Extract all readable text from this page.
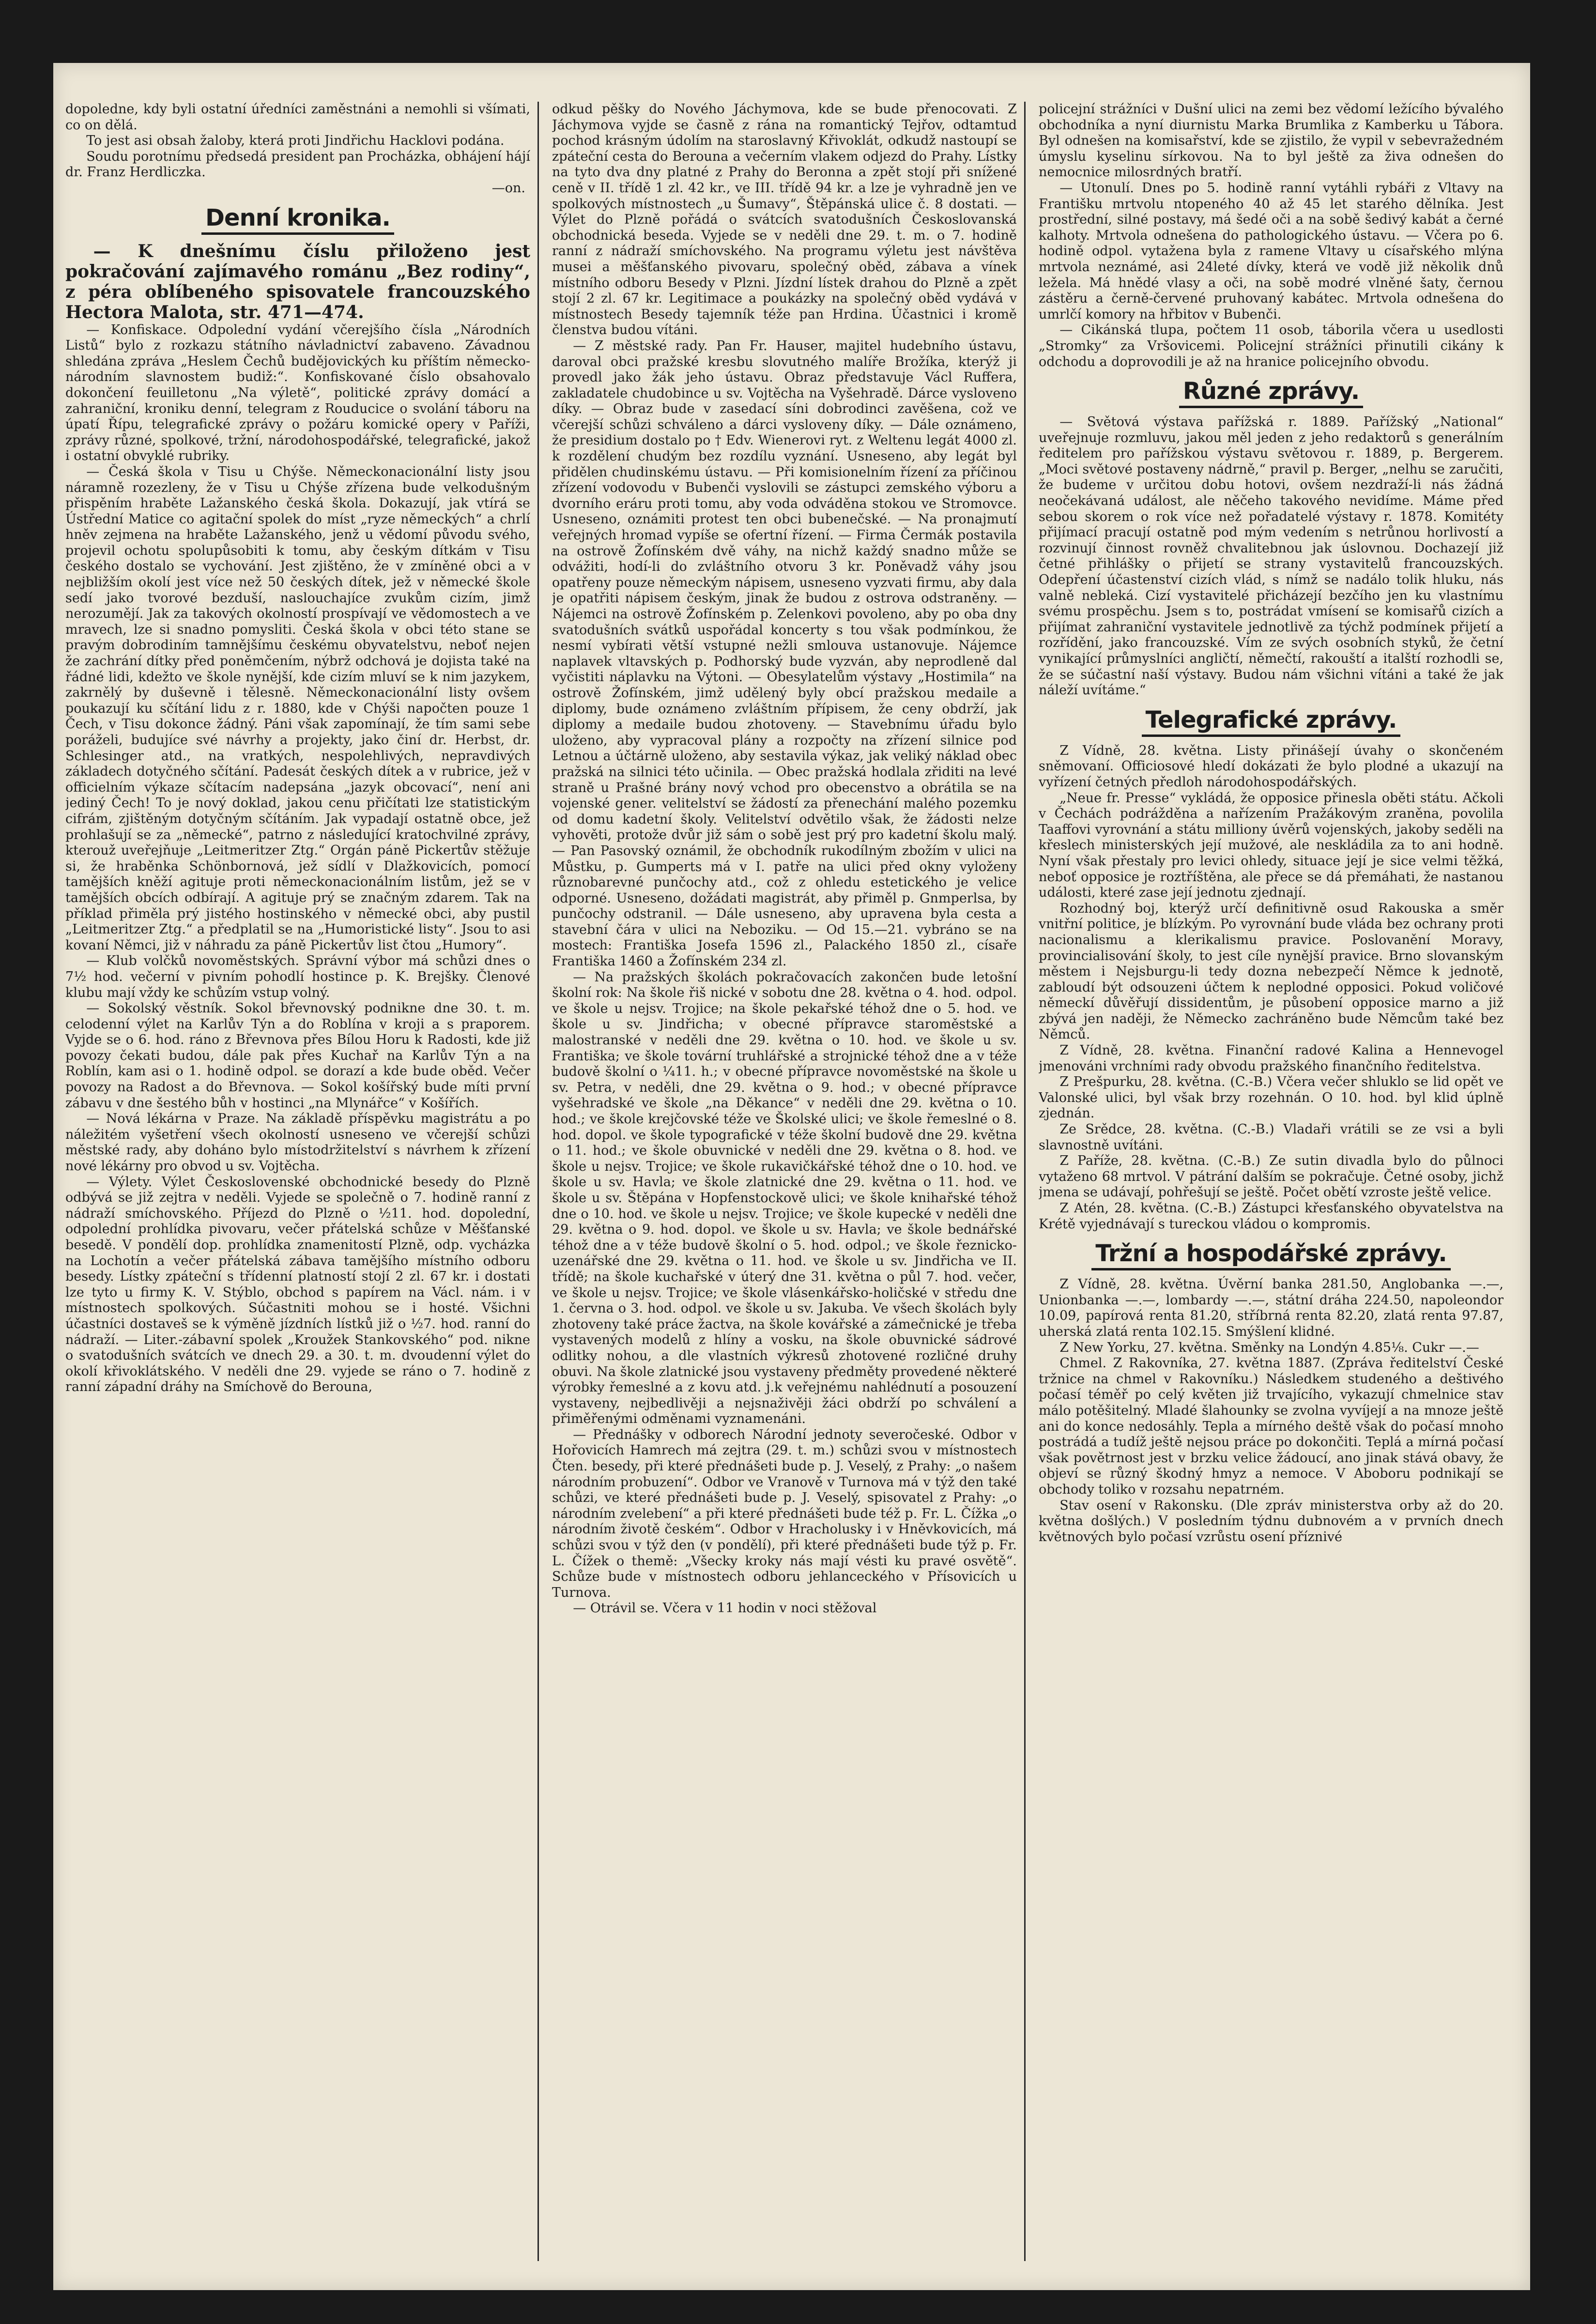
dopoledne, kdy byli ostatní úředníci zaměstnáni a nemohli si všímati, co on dělá.

To jest asi obsah žaloby, která proti Jindřichu Hacklovi podána.

Soudu porotnímu předsedá president pan Procházka, obhájení hájí dr. Franz Herdliczka.

—on.
Denní kronika.

— K dnešnímu číslu přiloženo jest pokračování zajímavého románu „Bez rodiny“, z péra oblíbeného spisovatele francouzského Hectora Malota, str. 471—474.

— Konfiskace. Odpolední vydání včerejšího čísla „Národních Listů“ bylo z rozkazu státního návladnictví zabaveno. Závadnou shledána zpráva „Heslem Čechů budějovických ku příštím německo-národním slavnostem budiž:“. Konfiskované číslo obsahovalo dokončení feuilletonu „Na výletě“, politické zprávy domácí a zahraniční, kroniku denní, telegram z Rouducice o svolání táboru na úpatí Řípu, telegrafické zprávy o požáru komické opery v Paříži, zprávy různé, spolkové, tržní, národohospodářské, telegrafické, jakož i ostatní obvyklé rubriky.

— Česká škola v Tisu u Chýše. Německonacionální listy jsou náramně rozezleny, že v Tisu u Chýše zřízena bude velkodušným přispěním hraběte Lažanského česká škola. Dokazují, jak vtírá se Ústřední Matice co agitační spolek do míst „ryze německých“ a chrlí hněv zejmena na hraběte Lažanského, jenž u vědomí původu svého, projevil ochotu spolupůsobiti k tomu, aby českým dítkám v Tisu českého dostalo se vychování. Jest zjištěno, že v zmíněné obci a v nejbližším okolí jest více než 50 českých dítek, jež v německé škole sedí jako tvorové bezduší, naslouchajíce zvukům cizím, jimž nerozumějí. Jak za takových okolností prospívají ve vědomostech a ve mravech, lze si snadno pomysliti. Česká škola v obci této stane se pravým dobrodiním tamnějšímu českému obyvatelstvu, neboť nejen že zachrání dítky před poněmčením, nýbrž odchová je dojista také na řádné lidi, kdežto ve škole nynější, kde cizím mluví se k nim jazykem, zakrnělý by duševně i tělesně. Německonacionální listy ovšem poukazují ku sčítání lidu z r. 1880, kde v Chýši napočten pouze 1 Čech, v Tisu dokonce žádný. Páni však zapomínají, že tím sami sebe poráželi, budujíce své návrhy a projekty, jako činí dr. Herbst, dr. Schlesinger atd., na vratkých, nespolehlivých, nepravdivých základech dotyčného sčítání. Padesát českých dítek a v rubrice, jež v officielním výkaze sčítacím nadepsána „jazyk obcovací“, není ani jediný Čech! To je nový doklad, jakou cenu přičítati lze statistickým cifrám, zjištěným dotyčným sčítáním. Jak vypadají ostatně obce, jež prohlašují se za „německé“, patrno z následující kratochvilné zprávy, kterouž uveřejňuje „Leitmeritzer Ztg.“ Orgán páně Pickertův stěžuje si, že hraběnka Schönbornová, jež sídlí v Dlažkovicích, pomocí tamějších kněží agituje proti německonacionálním listům, jež se v tamějších obcích odbírají. A agituje prý se značným zdarem. Tak na příklad přiměla prý jistého hostinského v německé obci, aby pustil „Leitmeritzer Ztg.“ a předplatil se na „Humoristické listy“. Jsou to asi kovaní Němci, již v náhradu za páně Pickertův list čtou „Humory“.

— Klub volčků novoměstských. Správní výbor má schůzi dnes o 7½ hod. večerní v pivním pohodlí hostince p. K. Brejšky. Členové klubu mají vždy ke schůzím vstup volný.

— Sokolský věstník. Sokol břevnovský podnikne dne 30. t. m. celodenní výlet na Karlův Týn a do Roblína v kroji a s praporem. Vyjde se o 6. hod. ráno z Břevnova přes Bílou Horu k Radosti, kde již povozy čekati budou, dále pak přes Kuchař na Karlův Týn a na Roblín, kam asi o 1. hodině odpol. se dorazí a kde bude oběd. Večer povozy na Radost a do Břevnova. — Sokol košířský bude míti první zábavu v dne šestého bůh v hostinci „na Mlynářce“ v Košířích.

— Nová lékárna v Praze. Na základě příspěvku magistrátu a po náležitém vyšetření všech okolností usneseno ve včerejší schůzi městské rady, aby doháno bylo místodržitelství s návrhem k zřízení nové lékárny pro obvod u sv. Vojtěcha.

— Výlety. Výlet Československé obchodnické besedy do Plzně odbývá se již zejtra v neděli. Vyjede se společně o 7. hodině ranní z nádraží smíchovského. Příjezd do Plzně o ½11. hod. dopolední, odpolední prohlídka pivovaru, večer přátelská schůze v Měšťanské besedě. V pondělí dop. prohlídka znamenitostí Plzně, odp. vycházka na Lochotín a večer přátelská zábava tamějšího místního odboru besedy. Lístky zpáteční s třídenní platností stojí 2 zl. 67 kr. i dostati lze tyto u firmy K. V. Stýblo, obchod s papírem na Václ. nám. i v místnostech spolkových. Súčastniti mohou se i hosté. Všichni účastníci dostaveš se k výměně jízdních lístků již o ½7. hod. ranní do nádraží. — Liter.-zábavní spolek „Kroužek Stankovského“ pod. nikne o svatodušních svátcích ve dnech 29. a 30. t. m. dvoudenní výlet do okolí křivoklátského. V neděli dne 29. vyjede se ráno o 7. hodině z ranní západní dráhy na Smíchově do Berouna,

odkud pěšky do Nového Jáchymova, kde se bude přenocovati. Z Jáchymova vyjde se časně z rána na romantický Tejřov, odtamtud pochod krásným údolím na staroslavný Křivoklát, odkudž nastoupí se zpáteční cesta do Berouna a večerním vlakem odjezd do Prahy. Lístky na tyto dva dny platné z Prahy do Beronna a zpět stojí při snížené ceně v II. třídě 1 zl. 42 kr., ve III. třídě 94 kr. a lze je vyhradně jen ve spolkových místnostech „u Šumavy“, Štěpánská ulice č. 8 dostati. — Výlet do Plzně pořádá o svátcích svatodušních Českoslovanská obchodnická beseda. Vyjede se v neděli dne 29. t. m. o 7. hodině ranní z nádraží smíchovského. Na programu výletu jest návštěva musei a měšťanského pivovaru, společný oběd, zábava a vínek místního odboru Besedy v Plzni. Jízdní lístek drahou do Plzně a zpět stojí 2 zl. 67 kr. Legitimace a poukázky na společný oběd vydává v místnostech Besedy tajemník téže pan Hrdina. Účastnici i kromě členstva budou vítáni.

— Z městské rady. Pan Fr. Hauser, majitel hudebního ústavu, daroval obci pražské kresbu slovutného malíře Brožíka, kterýž ji provedl jako žák jeho ústavu. Obraz představuje Václ Ruffera, zakladatele chudobince u sv. Vojtěcha na Vyšehradě. Dárce vysloveno díky. — Obraz bude v zasedací síni dobrodinci zavěšena, což ve včerejší schůzi schváleno a dárci vysloveny díky. — Dále oznámeno, že presidium dostalo po † Edv. Wienerovi ryt. z Weltenu legát 4000 zl. k rozdělení chudým bez rozdílu vyznání. Usneseno, aby legát byl přidělen chudinskému ústavu. — Při komisionelním řízení za příčinou zřízení vodovodu v Bubenči vyslovili se zástupci zemského výboru a dvorního eráru proti tomu, aby voda odváděna stokou ve Stromovce. Usneseno, oznámiti protest ten obci bubenečské. — Na pronajmutí veřejných hromad vypíše se ofertní řízení. — Firma Čermák postavila na ostrově Žofínském dvě váhy, na nichž každý snadno může se odvážiti, hodí-li do zvláštního otvoru 3 kr. Poněvadž váhy jsou opatřeny pouze německým nápisem, usneseno vyzvati firmu, aby dala je opatřiti nápisem českým, jinak že budou z ostrova odstraněny. — Nájemci na ostrově Žofínském p. Zelenkovi povoleno, aby po oba dny svatodušních svátků uspořádal koncerty s tou však podmínkou, že nesmí vybírati větší vstupné nežli smlouva ustanovuje. Nájemce naplavek vltavských p. Podhorský bude vyzván, aby neprodleně dal vyčistiti náplavku na Výtoni. — Obesylatelům výstavy „Hostimila“ na ostrově Žofínském, jimž udělený byly obcí pražskou medaile a diplomy, bude oznámeno zvláštním přípisem, že ceny obdrží, jak diplomy a medaile budou zhotoveny. — Stavebnímu úřadu bylo uloženo, aby vypracoval plány a rozpočty na zřízení silnice pod Letnou a účtárně uloženo, aby sestavila výkaz, jak veliký náklad obec pražská na silnici této učinila. — Obec pražská hodlala zřiditi na levé straně u Prašné brány nový vchod pro obecenstvo a obrátila se na vojenské gener. velitelství se žádostí za přenechání malého pozemku od domu kadetní školy. Velitelství odvětilo však, že žádosti nelze vyhověti, protože dvůr již sám o sobě jest prý pro kadetní školu malý. — Pan Pasovský oznámil, že obchodník rukodílným zbožím v ulici na Můstku, p. Gumperts má v I. patře na ulici před okny vyloženy různobarevné punčochy atd., což z ohledu estetického je velice odporné. Usneseno, dožádati magistrát, aby přiměl p. Gnmperlsa, by punčochy odstranil. — Dále usneseno, aby upravena byla cesta a stavební čára v ulici na Neboziku. — Od 15.—21. vybráno se na mostech: Františka Josefa 1596 zl., Palackého 1850 zl., císaře Františka 1460 a Žofínském 234 zl.

— Na pražských školách pokračovacích zakončen bude letošní školní rok: Na škole řiš nické v sobotu dne 28. května o 4. hod. odpol. ve škole u nejsv. Trojice; na škole pekařské téhož dne o 5. hod. ve škole u sv. Jindřicha; v obecné přípravce staroměstské a malostranské v neděli dne 29. května o 10. hod. ve škole u sv. Františka; ve škole tovární truhlářské a strojnické téhož dne a v téže budově školní o ¼11. h.; v obecné přípravce novoměstské na škole u sv. Petra, v neděli, dne 29. května o 9. hod.; v obecné přípravce vyšehradské ve škole „na Děkance“ v neděli dne 29. května o 10. hod.; ve škole krejčovské téže ve Školské ulici; ve škole řemeslné o 8. hod. dopol. ve škole typografické v téže školní budově dne 29. května o 11. hod.; ve škole obuvnické v neděli dne 29. května o 8. hod. ve škole u nejsv. Trojice; ve škole rukavičkářské téhož dne o 10. hod. ve škole u sv. Havla; ve škole zlatnické dne 29. května o 11. hod. ve škole u sv. Štěpána v Hopfenstockově ulici; ve škole knihařské téhož dne o 10. hod. ve škole u nejsv. Trojice; ve škole kupecké v neděli dne 29. května o 9. hod. dopol. ve škole u sv. Havla; ve škole bednářské téhož dne a v téže budově školní o 5. hod. odpol.; ve škole řeznicko-uzenářské dne 29. května o 11. hod. ve škole u sv. Jindřicha ve II. třídě; na škole kuchařské v úterý dne 31. května o půl 7. hod. večer, ve škole u nejsv. Trojice; ve škole vlásenkářsko-holičské v středu dne 1. června o 3. hod. odpol. ve škole u sv. Jakuba. Ve všech školách byly zhotoveny také práce žactva, na škole kovářské a zámečnické je třeba vystavených modelů z hlíny a vosku, na škole obuvnické sádrové odlitky nohou, a dle vlastních výkresů zhotovené rozličné druhy obuvi. Na škole zlatnické jsou vystaveny předměty provedené některé výrobky řemeslné a z kovu atd. j.k veřejnému nahlédnutí a posouzení vystaveny, nejbedlivěji a nejsnaživěji žáci obdrží po schválení a přiměřenými odměnami vyznamenáni.

— Přednášky v odborech Národní jednoty severočeské. Odbor v Hořovicích Hamrech má zejtra (29. t. m.) schůzi svou v místnostech Čten. besedy, při které přednášeti bude p. J. Veselý, z Prahy: „o našem národním probuzení“. Odbor ve Vranově v Turnova má v týž den také schůzi, ve které přednášeti bude p. J. Veselý, spisovatel z Prahy: „o národním zvelebení“ a při které přednášeti bude též p. Fr. L. Čížka „o národním životě českém“. Odbor v Hracholusky i v Hněvkovicích, má schůzi svou v týž den (v pondělí), při které přednášeti bude týž p. Fr. L. Čížek o themě: „Všecky kroky nás mají vésti ku pravé osvětě“. Schůze bude v místnostech odboru jehlanceckého v Přísovicích u Turnova.

— Otrávil se. Včera v 11 hodin v noci stěžoval

policejní strážníci v Dušní ulici na zemi bez vědomí ležícího bývalého obchodníka a nyní diurnistu Marka Brumlika z Kamberku u Tábora. Byl odnešen na komisařství, kde se zjistilo, že vypil v sebevražedném úmyslu kyselinu sírkovou. Na to byl ještě za živa odnešen do nemocnice milosrdných bratří.

— Utonulí. Dnes po 5. hodině ranní vytáhli rybáři z Vltavy na Františku mrtvolu ntopeného 40 až 45 let starého dělníka. Jest prostřední, silné postavy, má šedé oči a na sobě šedivý kabát a černé kalhoty. Mrtvola odnešena do pathologického ústavu. — Včera po 6. hodině odpol. vytažena byla z ramene Vltavy u císařského mlýna mrtvola neznámé, asi 24leté dívky, která ve vodě již několik dnů ležela. Má hnědé vlasy a oči, na sobě modré vlněné šaty, černou zástěru a černě-červené pruhovaný kabátec. Mrtvola odnešena do umrlčí komory na hřbitov v Bubenči.

— Cikánská tlupa, počtem 11 osob, táborila včera u usedlosti „Stromky“ za Vršovicemi. Policejní strážníci přinutili cikány k odchodu a doprovodili je až na hranice policejního obvodu.

Různé zprávy.

— Světová výstava pařížská r. 1889. Pařížský „National“ uveřejnuje rozmluvu, jakou měl jeden z jeho redaktorů s generálním ředitelem pro pařížskou výstavu světovou r. 1889, p. Bergerem. „Moci světové postaveny nádrně,“ pravil p. Berger, „nelhu se zaručiti, že budeme v určitou dobu hotovi, ovšem nezdraží-li nás žádná neočekávaná událost, ale něčeho takového nevidíme. Máme před sebou skorem o rok více než pořadatelé výstavy r. 1878. Komitéty přijímací pracují ostatně pod mým vedením s netrůnou horlivostí a rozvinují činnost rovněž chvalitebnou jak úslovnou. Dochazejí již četné přihlášky o přijetí se strany vystavitelů francouzských. Odepření účastenství cizích vlád, s nímž se nadálo tolik hluku, nás valně nebleká. Cizí vystavitelé přicházejí bezčího jen ku vlastnímu svému prospěchu. Jsem s to, postrádat vmísení se komisařů cizích a přijímat zahraniční vystavitele jednotlivě za týchž podmínek přijetí a rozřídění, jako francouzské. Vím ze svých osobních styků, že četní vynikající průmyslníci angličtí, němečtí, rakouští a italští rozhodli se, že se súčastní naší výstavy. Budou nám všichni vítáni a také že jak náleží uvítáme.“

Telegrafické zprávy.

Z Vídně, 28. května. Listy přinášejí úvahy o skončeném sněmovaní. Officiosové hledí dokázati že bylo plodné a ukazují na vyřízení četných předloh národohospodářských.

„Neue fr. Presse“ vykládá, že opposice přinesla oběti státu. Ačkoli v Čechách podrážděna a nařízením Pražákovým zraněna, povolila Taaffovi vyrovnání a státu milliony úvěrů vojenských, jakoby seděli na křeslech ministerských její mužové, ale neskládila za to ani hodně. Nyní však přestaly pro levici ohledy, situace její je sice velmi těžká, neboť opposice je roztříštěna, ale přece se dá přemáhati, že nastanou události, které zase její jednotu zjednají.

Rozhodný boj, kterýž určí definitivně osud Rakouska a směr vnitřní politice, je blízkým. Po vyrovnání bude vláda bez ochrany proti nacionalismu a klerikalismu pravice. Poslovanění Moravy, provincialisování školy, to jest cíle nynější pravice. Brno slovanským městem i Nejsburgu-li tedy dozna nebezpečí Němce k jednotě, zabloudí být odsouzeni účtem k neplodné opposici. Pokud voličové německí důvěřují dissidentům, je působení opposice marno a již zbývá jen naději, že Německo zachráněno bude Němcům také bez Němců.

Z Vídně, 28. května. Finanční radové Kalina a Hennevogel jmenováni vrchními rady obvodu pražského finančního ředitelstva.

Z Prešpurku, 28. května. (C.-B.) Včera večer shluklo se lid opět ve Valonské ulici, byl však brzy rozehnán. O 10. hod. byl klid úplně zjednán.

Ze Srědce, 28. května. (C.-B.) Vladaři vrátili se ze vsi a byli slavnostně uvítáni.

Z Paříže, 28. května. (C.-B.) Ze sutin divadla bylo do půlnoci vytaženo 68 mrtvol. V pátrání dalším se pokračuje. Četné osoby, jichž jmena se udávají, pohřešují se ještě. Počet obětí vzroste ještě velice.

Z Atén, 28. května. (C.-B.) Zástupci křesťanského obyvatelstva na Krétě vyjednávají s tureckou vládou o kompromis.

Tržní a hospodářské zprávy.

Z Vídně, 28. května. Úvěrní banka 281.50, Anglobanka —.—, Unionbanka —.—, lombardy —.—, státní dráha 224.50, napoleondor 10.09, papírová renta 81.20, stříbrná renta 82.20, zlatá renta 97.87, uherská zlatá renta 102.15. Smýšlení klidné.

Z New Yorku, 27. května. Směnky na Londýn 4.85⅛. Cukr —.—

Chmel. Z Rakovníka, 27. května 1887. (Zpráva ředitelství České tržnice na chmel v Rakovníku.) Následkem studeného a deštivého počasí téměř po celý květen již trvajícího, vykazují chmelnice stav málo potěšitelný. Mladé šlahounky se zvolna vyvíjejí a na mnoze ještě ani do konce nedosáhly. Tepla a mírného deště však do počasí mnoho postrádá a tudíž ještě nejsou práce po dokončiti. Teplá a mírná počasí však povětrnost jest v brzku velice žádoucí, ano jinak stává obavy, že objeví se různý škodný hmyz a nemoce. V Aboboru podnikají se obchody toliko v rozsahu nepatrném.

Stav osení v Rakonsku. (Dle zpráv ministerstva orby až do 20. května došlých.) V posledním týdnu dubnovém a v prvních dnech květnových bylo počasí vzrůstu osení příznivé
